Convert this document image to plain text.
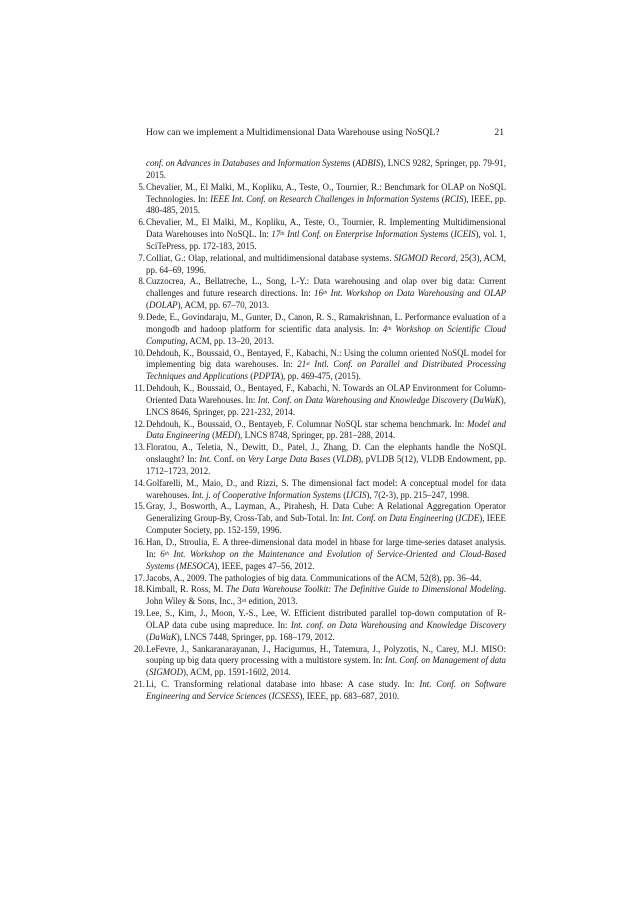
How can we implement a Multidimensional Data Warehouse using NoSQL?	21
conf. on Advances in Databases and Information Systems (ADBIS), LNCS 9282, Springer, pp. 79-91, 2015.
5. Chevalier, M., El Malki, M., Kopliku, A., Teste, O., Tournier, R.: Benchmark for OLAP on NoSQL Technologies. In: IEEE Int. Conf. on Research Challenges in Information Systems (RCIS), IEEE, pp. 480-485, 2015.
6. Chevalier, M., El Malki, M., Kopliku, A., Teste, O., Tournier, R. Implementing Multidimensional Data Warehouses into NoSQL. In: 17th Intl Conf. on Enterprise Information Systems (ICEIS), vol. 1, SciTePress, pp. 172-183, 2015.
7. Colliat, G.: Olap, relational, and multidimensional database systems. SIGMOD Record, 25(3), ACM, pp. 64–69, 1996.
8. Cuzzocrea, A., Bellatreche, L., Song, I.-Y.: Data warehousing and olap over big data: Current challenges and future research directions. In: 16th Int. Workshop on Data Warehousing and OLAP (DOLAP), ACM, pp. 67–70, 2013.
9. Dede, E., Govindaraju, M., Gunter, D., Canon, R. S., Ramakrishnan, L. Performance evaluation of a mongodb and hadoop platform for scientific data analysis. In: 4th Workshop on Scientific Cloud Computing, ACM, pp. 13–20, 2013.
10. Dehdouh, K., Boussaid, O., Bentayed, F., Kabachi, N.: Using the column oriented NoSQL model for implementing big data warehouses. In: 21st Intl. Conf. on Parallel and Distributed Processing Techniques and Applications (PDPTA), pp. 469-475, (2015).
11. Dehdouh, K., Boussaid, O., Bentayed, F., Kabachi, N. Towards an OLAP Environment for Column-Oriented Data Warehouses. In: Int. Conf. on Data Warehousing and Knowledge Discovery (DaWaK), LNCS 8646, Springer, pp. 221-232, 2014.
12. Dehdouh, K., Boussaid, O., Bentayeb, F. Columnar NoSQL star schema benchmark. In: Model and Data Engineering (MEDI), LNCS 8748, Springer, pp. 281–288, 2014.
13. Floratou, A., Teletia, N., Dewitt, D., Patel, J., Zhang, D. Can the elephants handle the NoSQL onslaught? In: Int. Conf. on Very Large Data Bases (VLDB), pVLDB 5(12), VLDB Endowment, pp. 1712–1723, 2012.
14. Golfarelli, M., Maio, D., and Rizzi, S. The dimensional fact model: A conceptual model for data warehouses. Int. j. of Cooperative Information Systems (IJCIS), 7(2-3), pp. 215–247, 1998.
15. Gray, J., Bosworth, A., Layman, A., Pirahesh, H. Data Cube: A Relational Aggregation Operator Generalizing Group-By, Cross-Tab, and Sub-Total. In: Int. Conf. on Data Engineering (ICDE), IEEE Computer Society, pp. 152-159, 1996.
16. Han, D., Stroulia, E. A three-dimensional data model in hbase for large time-series dataset analysis. In: 6th Int. Workshop on the Maintenance and Evolution of Service-Oriented and Cloud-Based Systems (MESOCA), IEEE, pages 47–56, 2012.
17. Jacobs, A., 2009. The pathologies of big data. Communications of the ACM, 52(8), pp. 36–44.
18. Kimball, R. Ross, M. The Data Warehouse Toolkit: The Definitive Guide to Dimensional Modeling. John Wiley & Sons, Inc., 3rd edition, 2013.
19. Lee, S., Kim, J., Moon, Y.-S., Lee, W. Efficient distributed parallel top-down computation of R-OLAP data cube using mapreduce. In: Int. conf. on Data Warehousing and Knowledge Discovery (DaWaK), LNCS 7448, Springer, pp. 168–179, 2012.
20. LeFevre, J., Sankaranarayanan, J., Hacigumus, H., Tatemura, J., Polyzotis, N., Carey, M.J. MISO: souping up big data query processing with a multistore system. In: Int. Conf. on Management of data (SIGMOD), ACM, pp. 1591-1602, 2014.
21. Li, C. Transforming relational database into hbase: A case study. In: Int. Conf. on Software Engineering and Service Sciences (ICSESS), IEEE, pp. 683–687, 2010.
